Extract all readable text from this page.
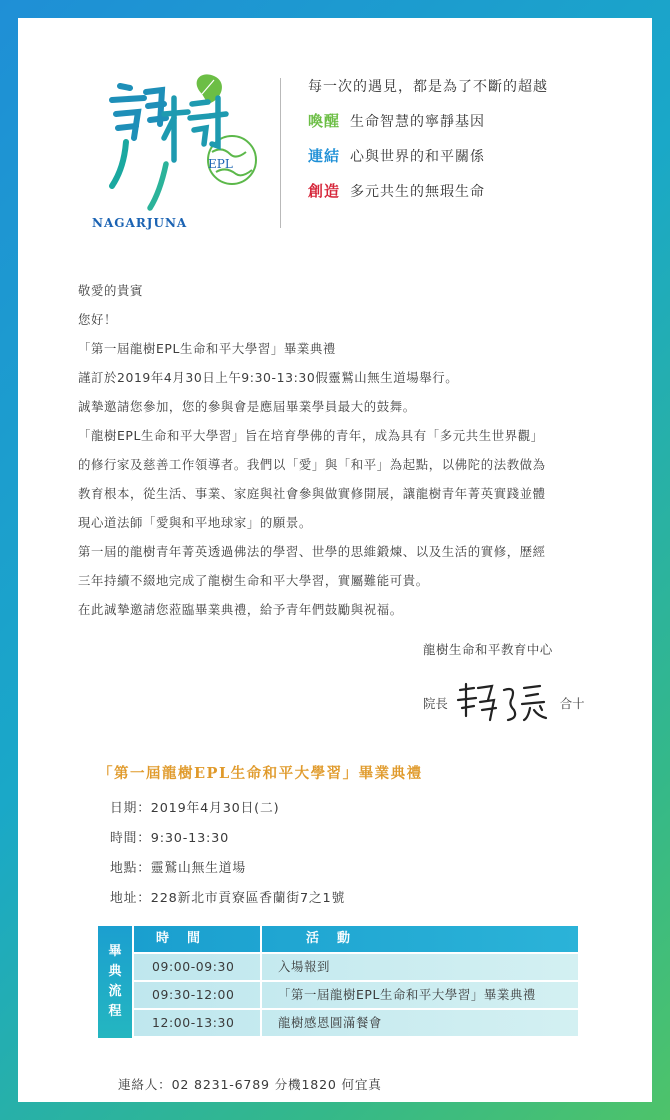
EPL
NAGARJUNA
每一次的遇見，都是為了不斷的超越
喚醒 生命智慧的寧靜基因
連結 心與世界的和平關係
創造 多元共生的無瑕生命

敬愛的貴賓

您好！

「第一屆龍樹EPL生命和平大學習」畢業典禮

謹訂於2019年4月30日上午9:30-13:30假靈鷲山無生道場舉行。

誠摯邀請您參加，您的參與會是應屆畢業學員最大的鼓舞。

「龍樹EPL生命和平大學習」旨在培育學佛的青年，成為具有「多元共生世界觀」

的修行家及慈善工作領導者。我們以「愛」與「和平」為起點，以佛陀的法教做為

教育根本，從生活、事業、家庭與社會參與做實修開展，讓龍樹青年菁英實踐並體

現心道法師「愛與和平地球家」的願景。

第一屆的龍樹青年菁英透過佛法的學習、世學的思維鍛煉、以及生活的實修，歷經

三年持續不綴地完成了龍樹生命和平大學習，實屬難能可貴。

在此誠摯邀請您蒞臨畢業典禮，給予青年們鼓勵與祝福。

龍樹生命和平教育中心
院長	合十
「第一屆龍樹EPL生命和平大學習」畢業典禮
日期：2019年4月30日(二)
時間：9:30-13:30
地點：靈鷲山無生道場
地址：228新北市貢寮區香蘭街7之1號
畢
典
流
程
時間	活動
09:00-09:30	入場報到
09:30-12:00	「第一屆龍樹EPL生命和平大學習」畢業典禮
12:00-13:30	龍樹感恩圓滿餐會
連絡人：02 8231-6789 分機1820 何宜真
